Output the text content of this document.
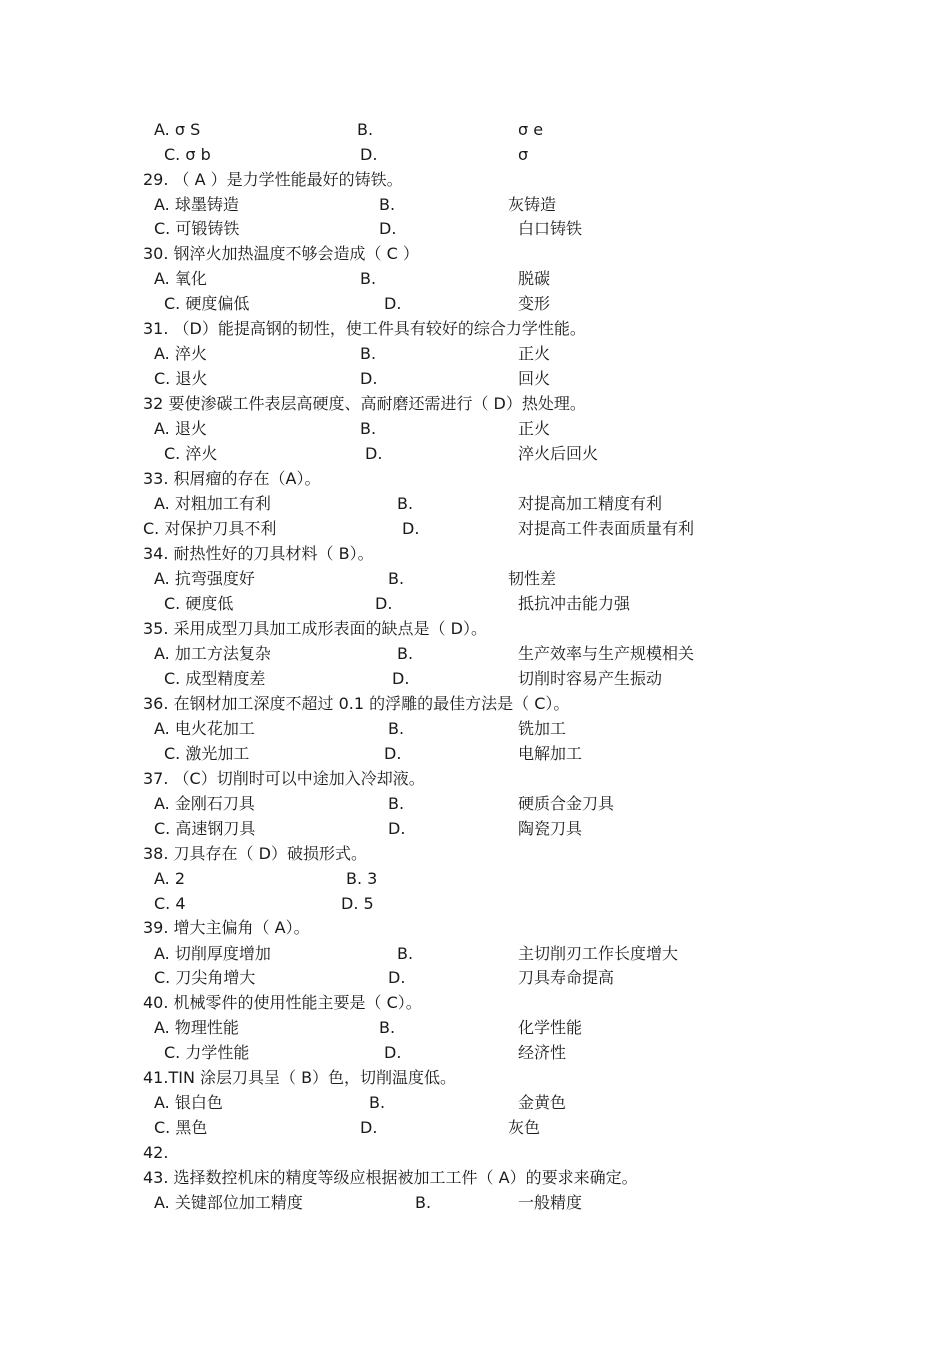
A. σ S	B.	σ e
C. σ b	D.	σ
29. （ A ）是力学性能最好的铸铁。
A. 球墨铸造	B.	灰铸造
C. 可锻铸铁	D.	白口铸铁
30. 钢淬火加热温度不够会造成（ C ）
A. 氧化	B.	脱碳
C. 硬度偏低	D.	变形
31. （D）能提高钢的韧性，使工件具有较好的综合力学性能。
A. 淬火	B.	正火
C. 退火	D.	回火
32 要使渗碳工件表层高硬度、高耐磨还需进行（ D）热处理。
A. 退火	B.	正火
C. 淬火	D.	淬火后回火
33. 积屑瘤的存在（A）。
A. 对粗加工有利	B.	对提高加工精度有利
C. 对保护刀具不利	D.	对提高工件表面质量有利
34. 耐热性好的刀具材料（ B）。
A. 抗弯强度好	B.	韧性差
C. 硬度低	D.	抵抗冲击能力强
35. 采用成型刀具加工成形表面的缺点是（ D）。
A. 加工方法复杂	B.	生产效率与生产规模相关
C. 成型精度差	D.	切削时容易产生振动
36. 在钢材加工深度不超过 0.1 的浮雕的最佳方法是（ C）。
A. 电火花加工	B.	铣加工
C. 激光加工	D.	电解加工
37. （C）切削时可以中途加入冷却液。
A. 金刚石刀具	B.	硬质合金刀具
C. 高速钢刀具	D.	陶瓷刀具
38. 刀具存在（ D）破损形式。
A. 2	B. 3
C. 4	D. 5
39. 增大主偏角（ A）。
A. 切削厚度增加	B.	主切削刃工作长度增大
C. 刀尖角增大	D.	刀具寿命提高
40. 机械零件的使用性能主要是（ C）。
A. 物理性能	B.	化学性能
C. 力学性能	D.	经济性
41.TIN 涂层刀具呈（ B）色，切削温度低。
A. 银白色	B.	金黄色
C. 黑色	D.	灰色
42.
43. 选择数控机床的精度等级应根据被加工工件（ A）的要求来确定。
A. 关键部位加工精度	B.	一般精度
